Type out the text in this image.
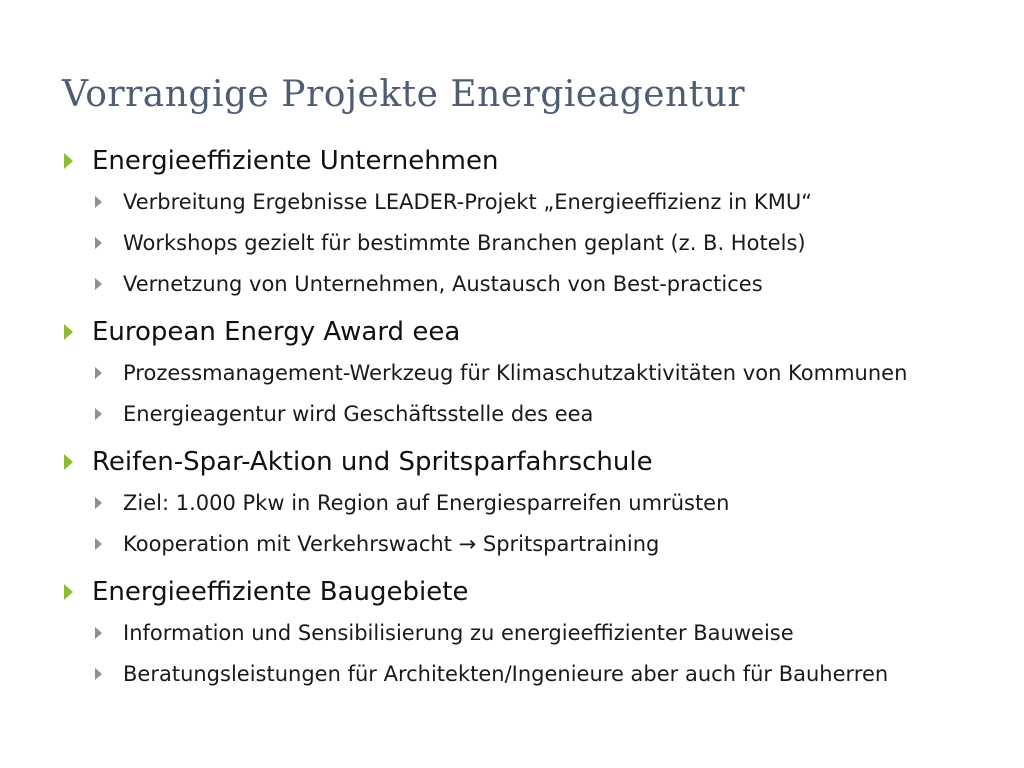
Vorrangige Projekte Energieagentur
Energieeffiziente Unternehmen
Verbreitung Ergebnisse LEADER-Projekt „Energieeffizienz in KMU“
Workshops gezielt für bestimmte Branchen geplant (z. B. Hotels)
Vernetzung von Unternehmen, Austausch von Best-practices
European Energy Award eea
Prozessmanagement-Werkzeug für Klimaschutzaktivitäten von Kommunen
Energieagentur wird Geschäftsstelle des eea
Reifen-Spar-Aktion und Spritsparfahrschule
Ziel: 1.000 Pkw in Region auf Energiesparreifen umrüsten
Kooperation mit Verkehrswacht → Spritspartraining
Energieeffiziente Baugebiete
Information und Sensibilisierung zu energieeffizienter Bauweise
Beratungsleistungen für Architekten/Ingenieure aber auch für Bauherren
